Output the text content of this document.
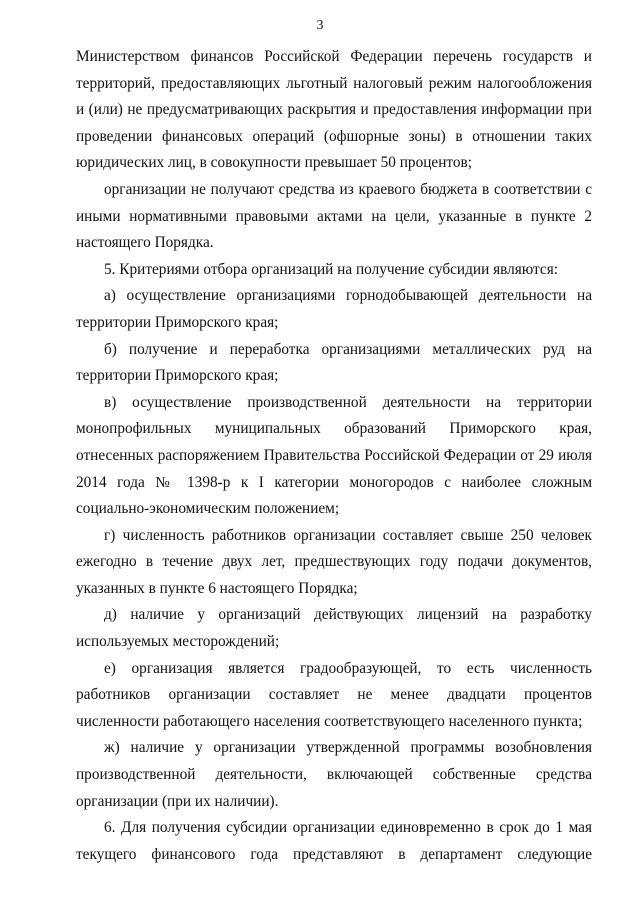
3

Министерством финансов Российской Федерации перечень государств и территорий, предоставляющих льготный налоговый режим налогообложения и (или) не предусматривающих раскрытия и предоставления информации при проведении финансовых операций (офшорные зоны) в отношении таких юридических лиц, в совокупности превышает 50 процентов;

организации не получают средства из краевого бюджета в соответствии с иными нормативными правовыми актами на цели, указанные в пункте 2 настоящего Порядка.

5. Критериями отбора организаций на получение субсидии являются:

а) осуществление организациями горнодобывающей деятельности на территории Приморского края;

б) получение и переработка организациями металлических руд на территории Приморского края;

в) осуществление производственной деятельности на территории монопрофильных муниципальных образований Приморского края, отнесенных распоряжением Правительства Российской Федерации от 29 июля 2014 года № 1398-р к I категории моногородов с наиболее сложным социально-экономическим положением;

г) численность работников организации составляет свыше 250 человек ежегодно в течение двух лет, предшествующих году подачи документов, указанных в пункте 6 настоящего Порядка;

д) наличие у организаций действующих лицензий на разработку используемых месторождений;

е) организация является градообразующей, то есть численность работников организации составляет не менее двадцати процентов численности работающего населения соответствующего населенного пункта;

ж) наличие у организации утвержденной программы возобновления производственной деятельности, включающей собственные средства организации (при их наличии).

6. Для получения субсидии организации единовременно в срок до 1 мая текущего финансового года представляют в департамент следующие
